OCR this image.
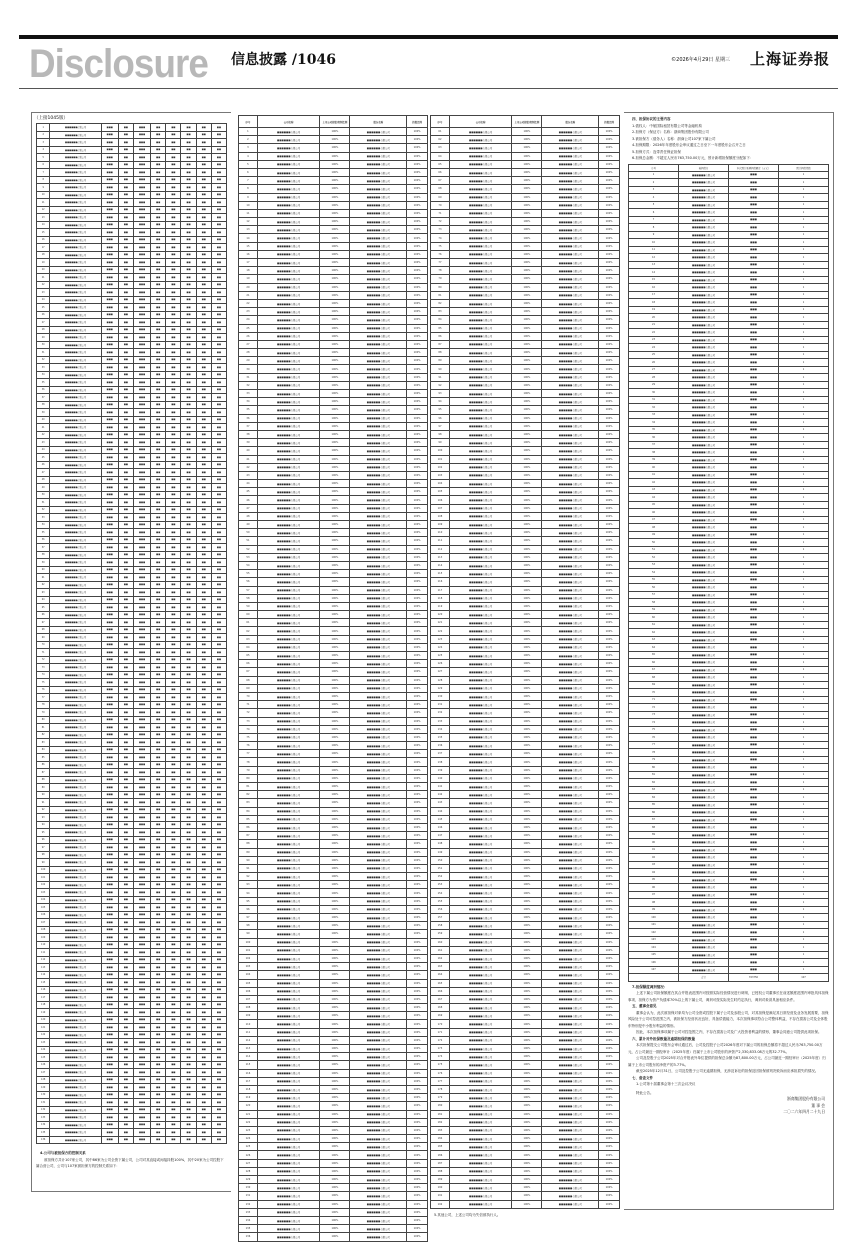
Disclosure 信息披露 /1046	©2026年4月29日 星期三 上海证券报
（上接1045版）
1	■■■■■■有限公司	■■■	■■	■■■	■■	■■	■■	■■	■■
2	■■■■■■有限公司	■■■	■■	■■■	■■	■■	■■	■■	■■
3	■■■■■■有限公司	■■■	■■	■■■	■■	■■	■■	■■	■■
4	■■■■■■有限公司	■■■	■■	■■■	■■	■■	■■	■■	■■
5	■■■■■■有限公司	■■■	■■	■■■	■■	■■	■■	■■	■■
6	■■■■■■有限公司	■■■	■■	■■■	■■	■■	■■	■■	■■
7	■■■■■■有限公司	■■■	■■	■■■	■■	■■	■■	■■	■■
8	■■■■■■有限公司	■■■	■■	■■■	■■	■■	■■	■■	■■
9	■■■■■■有限公司	■■■	■■	■■■	■■	■■	■■	■■	■■
10	■■■■■■有限公司	■■■	■■	■■■	■■	■■	■■	■■	■■
11	■■■■■■有限公司	■■■	■■	■■■	■■	■■	■■	■■	■■
12	■■■■■■有限公司	■■■	■■	■■■	■■	■■	■■	■■	■■
13	■■■■■■有限公司	■■■	■■	■■■	■■	■■	■■	■■	■■
14	■■■■■■有限公司	■■■	■■	■■■	■■	■■	■■	■■	■■
15	■■■■■■有限公司	■■■	■■	■■■	■■	■■	■■	■■	■■
16	■■■■■■有限公司	■■■	■■	■■■	■■	■■	■■	■■	■■
17	■■■■■■有限公司	■■■	■■	■■■	■■	■■	■■	■■	■■
18	■■■■■■有限公司	■■■	■■	■■■	■■	■■	■■	■■	■■
19	■■■■■■有限公司	■■■	■■	■■■	■■	■■	■■	■■	■■
20	■■■■■■有限公司	■■■	■■	■■■	■■	■■	■■	■■	■■
21	■■■■■■有限公司	■■■	■■	■■■	■■	■■	■■	■■	■■
22	■■■■■■有限公司	■■■	■■	■■■	■■	■■	■■	■■	■■
23	■■■■■■有限公司	■■■	■■	■■■	■■	■■	■■	■■	■■
24	■■■■■■有限公司	■■■	■■	■■■	■■	■■	■■	■■	■■
25	■■■■■■有限公司	■■■	■■	■■■	■■	■■	■■	■■	■■
26	■■■■■■有限公司	■■■	■■	■■■	■■	■■	■■	■■	■■
27	■■■■■■有限公司	■■■	■■	■■■	■■	■■	■■	■■	■■
28	■■■■■■有限公司	■■■	■■	■■■	■■	■■	■■	■■	■■
29	■■■■■■有限公司	■■■	■■	■■■	■■	■■	■■	■■	■■
30	■■■■■■有限公司	■■■	■■	■■■	■■	■■	■■	■■	■■
31	■■■■■■有限公司	■■■	■■	■■■	■■	■■	■■	■■	■■
32	■■■■■■有限公司	■■■	■■	■■■	■■	■■	■■	■■	■■
33	■■■■■■有限公司	■■■	■■	■■■	■■	■■	■■	■■	■■
34	■■■■■■有限公司	■■■	■■	■■■	■■	■■	■■	■■	■■
35	■■■■■■有限公司	■■■	■■	■■■	■■	■■	■■	■■	■■
36	■■■■■■有限公司	■■■	■■	■■■	■■	■■	■■	■■	■■
37	■■■■■■有限公司	■■■	■■	■■■	■■	■■	■■	■■	■■
38	■■■■■■有限公司	■■■	■■	■■■	■■	■■	■■	■■	■■
39	■■■■■■有限公司	■■■	■■	■■■	■■	■■	■■	■■	■■
40	■■■■■■有限公司	■■■	■■	■■■	■■	■■	■■	■■	■■
41	■■■■■■有限公司	■■■	■■	■■■	■■	■■	■■	■■	■■
42	■■■■■■有限公司	■■■	■■	■■■	■■	■■	■■	■■	■■
43	■■■■■■有限公司	■■■	■■	■■■	■■	■■	■■	■■	■■
44	■■■■■■有限公司	■■■	■■	■■■	■■	■■	■■	■■	■■
45	■■■■■■有限公司	■■■	■■	■■■	■■	■■	■■	■■	■■
46	■■■■■■有限公司	■■■	■■	■■■	■■	■■	■■	■■	■■
47	■■■■■■有限公司	■■■	■■	■■■	■■	■■	■■	■■	■■
48	■■■■■■有限公司	■■■	■■	■■■	■■	■■	■■	■■	■■
49	■■■■■■有限公司	■■■	■■	■■■	■■	■■	■■	■■	■■
50	■■■■■■有限公司	■■■	■■	■■■	■■	■■	■■	■■	■■
51	■■■■■■有限公司	■■■	■■	■■■	■■	■■	■■	■■	■■
52	■■■■■■有限公司	■■■	■■	■■■	■■	■■	■■	■■	■■
53	■■■■■■有限公司	■■■	■■	■■■	■■	■■	■■	■■	■■
54	■■■■■■有限公司	■■■	■■	■■■	■■	■■	■■	■■	■■
55	■■■■■■有限公司	■■■	■■	■■■	■■	■■	■■	■■	■■
56	■■■■■■有限公司	■■■	■■	■■■	■■	■■	■■	■■	■■
57	■■■■■■有限公司	■■■	■■	■■■	■■	■■	■■	■■	■■
58	■■■■■■有限公司	■■■	■■	■■■	■■	■■	■■	■■	■■
59	■■■■■■有限公司	■■■	■■	■■■	■■	■■	■■	■■	■■
60	■■■■■■有限公司	■■■	■■	■■■	■■	■■	■■	■■	■■
61	■■■■■■有限公司	■■■	■■	■■■	■■	■■	■■	■■	■■
62	■■■■■■有限公司	■■■	■■	■■■	■■	■■	■■	■■	■■
63	■■■■■■有限公司	■■■	■■	■■■	■■	■■	■■	■■	■■
64	■■■■■■有限公司	■■■	■■	■■■	■■	■■	■■	■■	■■
65	■■■■■■有限公司	■■■	■■	■■■	■■	■■	■■	■■	■■
66	■■■■■■有限公司	■■■	■■	■■■	■■	■■	■■	■■	■■
67	■■■■■■有限公司	■■■	■■	■■■	■■	■■	■■	■■	■■
68	■■■■■■有限公司	■■■	■■	■■■	■■	■■	■■	■■	■■
69	■■■■■■有限公司	■■■	■■	■■■	■■	■■	■■	■■	■■
70	■■■■■■有限公司	■■■	■■	■■■	■■	■■	■■	■■	■■
71	■■■■■■有限公司	■■■	■■	■■■	■■	■■	■■	■■	■■
72	■■■■■■有限公司	■■■	■■	■■■	■■	■■	■■	■■	■■
73	■■■■■■有限公司	■■■	■■	■■■	■■	■■	■■	■■	■■
74	■■■■■■有限公司	■■■	■■	■■■	■■	■■	■■	■■	■■
75	■■■■■■有限公司	■■■	■■	■■■	■■	■■	■■	■■	■■
76	■■■■■■有限公司	■■■	■■	■■■	■■	■■	■■	■■	■■
77	■■■■■■有限公司	■■■	■■	■■■	■■	■■	■■	■■	■■
78	■■■■■■有限公司	■■■	■■	■■■	■■	■■	■■	■■	■■
79	■■■■■■有限公司	■■■	■■	■■■	■■	■■	■■	■■	■■
80	■■■■■■有限公司	■■■	■■	■■■	■■	■■	■■	■■	■■
81	■■■■■■有限公司	■■■	■■	■■■	■■	■■	■■	■■	■■
82	■■■■■■有限公司	■■■	■■	■■■	■■	■■	■■	■■	■■
83	■■■■■■有限公司	■■■	■■	■■■	■■	■■	■■	■■	■■
84	■■■■■■有限公司	■■■	■■	■■■	■■	■■	■■	■■	■■
85	■■■■■■有限公司	■■■	■■	■■■	■■	■■	■■	■■	■■
86	■■■■■■有限公司	■■■	■■	■■■	■■	■■	■■	■■	■■
87	■■■■■■有限公司	■■■	■■	■■■	■■	■■	■■	■■	■■
88	■■■■■■有限公司	■■■	■■	■■■	■■	■■	■■	■■	■■
89	■■■■■■有限公司	■■■	■■	■■■	■■	■■	■■	■■	■■
90	■■■■■■有限公司	■■■	■■	■■■	■■	■■	■■	■■	■■
91	■■■■■■有限公司	■■■	■■	■■■	■■	■■	■■	■■	■■
92	■■■■■■有限公司	■■■	■■	■■■	■■	■■	■■	■■	■■
93	■■■■■■有限公司	■■■	■■	■■■	■■	■■	■■	■■	■■
94	■■■■■■有限公司	■■■	■■	■■■	■■	■■	■■	■■	■■
95	■■■■■■有限公司	■■■	■■	■■■	■■	■■	■■	■■	■■
96	■■■■■■有限公司	■■■	■■	■■■	■■	■■	■■	■■	■■
97	■■■■■■有限公司	■■■	■■	■■■	■■	■■	■■	■■	■■
98	■■■■■■有限公司	■■■	■■	■■■	■■	■■	■■	■■	■■
99	■■■■■■有限公司	■■■	■■	■■■	■■	■■	■■	■■	■■
100	■■■■■■有限公司	■■■	■■	■■■	■■	■■	■■	■■	■■
101	■■■■■■有限公司	■■■	■■	■■■	■■	■■	■■	■■	■■
102	■■■■■■有限公司	■■■	■■	■■■	■■	■■	■■	■■	■■
103	■■■■■■有限公司	■■■	■■	■■■	■■	■■	■■	■■	■■
104	■■■■■■有限公司	■■■	■■	■■■	■■	■■	■■	■■	■■
105	■■■■■■有限公司	■■■	■■	■■■	■■	■■	■■	■■	■■
106	■■■■■■有限公司	■■■	■■	■■■	■■	■■	■■	■■	■■
107	■■■■■■有限公司	■■■	■■	■■■	■■	■■	■■	■■	■■
108	■■■■■■有限公司	■■■	■■	■■■	■■	■■	■■	■■	■■
109	■■■■■■有限公司	■■■	■■	■■■	■■	■■	■■	■■	■■
110	■■■■■■有限公司	■■■	■■	■■■	■■	■■	■■	■■	■■
111	■■■■■■有限公司	■■■	■■	■■■	■■	■■	■■	■■	■■
112	■■■■■■有限公司	■■■	■■	■■■	■■	■■	■■	■■	■■
113	■■■■■■有限公司	■■■	■■	■■■	■■	■■	■■	■■	■■
114	■■■■■■有限公司	■■■	■■	■■■	■■	■■	■■	■■	■■
115	■■■■■■有限公司	■■■	■■	■■■	■■	■■	■■	■■	■■
116	■■■■■■有限公司	■■■	■■	■■■	■■	■■	■■	■■	■■
117	■■■■■■有限公司	■■■	■■	■■■	■■	■■	■■	■■	■■
118	■■■■■■有限公司	■■■	■■	■■■	■■	■■	■■	■■	■■
119	■■■■■■有限公司	■■■	■■	■■■	■■	■■	■■	■■	■■
120	■■■■■■有限公司	■■■	■■	■■■	■■	■■	■■	■■	■■
121	■■■■■■有限公司	■■■	■■	■■■	■■	■■	■■	■■	■■
122	■■■■■■有限公司	■■■	■■	■■■	■■	■■	■■	■■	■■
123	■■■■■■有限公司	■■■	■■	■■■	■■	■■	■■	■■	■■
124	■■■■■■有限公司	■■■	■■	■■■	■■	■■	■■	■■	■■
125	■■■■■■有限公司	■■■	■■	■■■	■■	■■	■■	■■	■■
126	■■■■■■有限公司	■■■	■■	■■■	■■	■■	■■	■■	■■
127	■■■■■■有限公司	■■■	■■	■■■	■■	■■	■■	■■	■■
128	■■■■■■有限公司	■■■	■■	■■■	■■	■■	■■	■■	■■
129	■■■■■■有限公司	■■■	■■	■■■	■■	■■	■■	■■	■■
130	■■■■■■有限公司	■■■	■■	■■■	■■	■■	■■	■■	■■
131	■■■■■■有限公司	■■■	■■	■■■	■■	■■	■■	■■	■■
132	■■■■■■有限公司	■■■	■■	■■■	■■	■■	■■	■■	■■
133	■■■■■■有限公司	■■■	■■	■■■	■■	■■	■■	■■	■■
134	■■■■■■有限公司	■■■	■■	■■■	■■	■■	■■	■■	■■
135	■■■■■■有限公司	■■■	■■	■■■	■■	■■	■■	■■	■■
136	■■■■■■有限公司	■■■	■■	■■■	■■	■■	■■	■■	■■
4.公司与被担保方的控制关系
被担保方共计107家公司，其中86家为公司全资下属公司，公司对其直接或间接持股100%，其中20家为公司控股下属合营公司，公司与107家被担保方的控制关系如下：
序号	公司名称	上市公司持股/控制比例	股东名称	持股比例
1	■■■■■■有限公司	100%	■■■■■■有限公司	100%
2	■■■■■■有限公司	100%	■■■■■■有限公司	100%
3	■■■■■■有限公司	100%	■■■■■■有限公司	100%
4	■■■■■■有限公司	100%	■■■■■■有限公司	100%
5	■■■■■■有限公司	100%	■■■■■■有限公司	100%
6	■■■■■■有限公司	100%	■■■■■■有限公司	100%
7	■■■■■■有限公司	100%	■■■■■■有限公司	100%
8	■■■■■■有限公司	100%	■■■■■■有限公司	100%
9	■■■■■■有限公司	100%	■■■■■■有限公司	100%
10	■■■■■■有限公司	100%	■■■■■■有限公司	100%
11	■■■■■■有限公司	100%	■■■■■■有限公司	100%
12	■■■■■■有限公司	100%	■■■■■■有限公司	100%
13	■■■■■■有限公司	100%	■■■■■■有限公司	100%
14	■■■■■■有限公司	100%	■■■■■■有限公司	100%
15	■■■■■■有限公司	100%	■■■■■■有限公司	100%
16	■■■■■■有限公司	100%	■■■■■■有限公司	100%
17	■■■■■■有限公司	100%	■■■■■■有限公司	100%
18	■■■■■■有限公司	100%	■■■■■■有限公司	100%
19	■■■■■■有限公司	100%	■■■■■■有限公司	100%
20	■■■■■■有限公司	100%	■■■■■■有限公司	100%
21	■■■■■■有限公司	100%	■■■■■■有限公司	100%
22	■■■■■■有限公司	100%	■■■■■■有限公司	100%
23	■■■■■■有限公司	100%	■■■■■■有限公司	100%
24	■■■■■■有限公司	100%	■■■■■■有限公司	100%
25	■■■■■■有限公司	100%	■■■■■■有限公司	100%
26	■■■■■■有限公司	100%	■■■■■■有限公司	100%
27	■■■■■■有限公司	100%	■■■■■■有限公司	100%
28	■■■■■■有限公司	100%	■■■■■■有限公司	100%
29	■■■■■■有限公司	100%	■■■■■■有限公司	100%
30	■■■■■■有限公司	100%	■■■■■■有限公司	100%
31	■■■■■■有限公司	100%	■■■■■■有限公司	100%
32	■■■■■■有限公司	100%	■■■■■■有限公司	100%
33	■■■■■■有限公司	100%	■■■■■■有限公司	100%
34	■■■■■■有限公司	100%	■■■■■■有限公司	100%
35	■■■■■■有限公司	100%	■■■■■■有限公司	100%
36	■■■■■■有限公司	100%	■■■■■■有限公司	100%
37	■■■■■■有限公司	100%	■■■■■■有限公司	100%
38	■■■■■■有限公司	100%	■■■■■■有限公司	100%
39	■■■■■■有限公司	100%	■■■■■■有限公司	100%
40	■■■■■■有限公司	100%	■■■■■■有限公司	100%
41	■■■■■■有限公司	100%	■■■■■■有限公司	100%
42	■■■■■■有限公司	100%	■■■■■■有限公司	100%
43	■■■■■■有限公司	100%	■■■■■■有限公司	100%
44	■■■■■■有限公司	100%	■■■■■■有限公司	100%
45	■■■■■■有限公司	100%	■■■■■■有限公司	100%
46	■■■■■■有限公司	100%	■■■■■■有限公司	100%
47	■■■■■■有限公司	100%	■■■■■■有限公司	100%
48	■■■■■■有限公司	100%	■■■■■■有限公司	100%
49	■■■■■■有限公司	100%	■■■■■■有限公司	100%
50	■■■■■■有限公司	100%	■■■■■■有限公司	100%
51	■■■■■■有限公司	100%	■■■■■■有限公司	100%
52	■■■■■■有限公司	100%	■■■■■■有限公司	100%
53	■■■■■■有限公司	100%	■■■■■■有限公司	100%
54	■■■■■■有限公司	100%	■■■■■■有限公司	100%
55	■■■■■■有限公司	100%	■■■■■■有限公司	100%
56	■■■■■■有限公司	100%	■■■■■■有限公司	100%
57	■■■■■■有限公司	100%	■■■■■■有限公司	100%
58	■■■■■■有限公司	100%	■■■■■■有限公司	100%
59	■■■■■■有限公司	100%	■■■■■■有限公司	100%
60	■■■■■■有限公司	100%	■■■■■■有限公司	100%
61	■■■■■■有限公司	100%	■■■■■■有限公司	100%
62	■■■■■■有限公司	100%	■■■■■■有限公司	100%
63	■■■■■■有限公司	100%	■■■■■■有限公司	100%
64	■■■■■■有限公司	100%	■■■■■■有限公司	100%
65	■■■■■■有限公司	100%	■■■■■■有限公司	100%
66	■■■■■■有限公司	100%	■■■■■■有限公司	100%
67	■■■■■■有限公司	100%	■■■■■■有限公司	100%
68	■■■■■■有限公司	100%	■■■■■■有限公司	100%
69	■■■■■■有限公司	100%	■■■■■■有限公司	100%
70	■■■■■■有限公司	100%	■■■■■■有限公司	100%
71	■■■■■■有限公司	100%	■■■■■■有限公司	100%
72	■■■■■■有限公司	100%	■■■■■■有限公司	100%
73	■■■■■■有限公司	100%	■■■■■■有限公司	100%
74	■■■■■■有限公司	100%	■■■■■■有限公司	100%
75	■■■■■■有限公司	100%	■■■■■■有限公司	100%
76	■■■■■■有限公司	100%	■■■■■■有限公司	100%
77	■■■■■■有限公司	100%	■■■■■■有限公司	100%
78	■■■■■■有限公司	100%	■■■■■■有限公司	100%
79	■■■■■■有限公司	100%	■■■■■■有限公司	100%
80	■■■■■■有限公司	100%	■■■■■■有限公司	100%
81	■■■■■■有限公司	100%	■■■■■■有限公司	100%
82	■■■■■■有限公司	100%	■■■■■■有限公司	100%
83	■■■■■■有限公司	100%	■■■■■■有限公司	100%
84	■■■■■■有限公司	100%	■■■■■■有限公司	100%
85	■■■■■■有限公司	100%	■■■■■■有限公司	100%
86	■■■■■■有限公司	100%	■■■■■■有限公司	100%
87	■■■■■■有限公司	100%	■■■■■■有限公司	100%
88	■■■■■■有限公司	100%	■■■■■■有限公司	100%
89	■■■■■■有限公司	100%	■■■■■■有限公司	100%
90	■■■■■■有限公司	100%	■■■■■■有限公司	100%
91	■■■■■■有限公司	100%	■■■■■■有限公司	100%
92	■■■■■■有限公司	100%	■■■■■■有限公司	100%
93	■■■■■■有限公司	100%	■■■■■■有限公司	100%
94	■■■■■■有限公司	100%	■■■■■■有限公司	100%
95	■■■■■■有限公司	100%	■■■■■■有限公司	100%
96	■■■■■■有限公司	100%	■■■■■■有限公司	100%
97	■■■■■■有限公司	100%	■■■■■■有限公司	100%
98	■■■■■■有限公司	100%	■■■■■■有限公司	100%
99	■■■■■■有限公司	100%	■■■■■■有限公司	100%
100	■■■■■■有限公司	100%	■■■■■■有限公司	100%
101	■■■■■■有限公司	100%	■■■■■■有限公司	100%
102	■■■■■■有限公司	100%	■■■■■■有限公司	100%
103	■■■■■■有限公司	100%	■■■■■■有限公司	100%
104	■■■■■■有限公司	100%	■■■■■■有限公司	100%
105	■■■■■■有限公司	100%	■■■■■■有限公司	100%
106	■■■■■■有限公司	100%	■■■■■■有限公司	100%
107	■■■■■■有限公司	100%	■■■■■■有限公司	100%
108	■■■■■■有限公司	100%	■■■■■■有限公司	100%
109	■■■■■■有限公司	100%	■■■■■■有限公司	100%
110	■■■■■■有限公司	100%	■■■■■■有限公司	100%
111	■■■■■■有限公司	100%	■■■■■■有限公司	100%
112	■■■■■■有限公司	100%	■■■■■■有限公司	100%
113	■■■■■■有限公司	100%	■■■■■■有限公司	100%
114	■■■■■■有限公司	100%	■■■■■■有限公司	100%
115	■■■■■■有限公司	100%	■■■■■■有限公司	100%
116	■■■■■■有限公司	100%	■■■■■■有限公司	100%
117	■■■■■■有限公司	100%	■■■■■■有限公司	100%
118	■■■■■■有限公司	100%	■■■■■■有限公司	100%
119	■■■■■■有限公司	100%	■■■■■■有限公司	100%
120	■■■■■■有限公司	100%	■■■■■■有限公司	100%
121	■■■■■■有限公司	100%	■■■■■■有限公司	100%
122	■■■■■■有限公司	100%	■■■■■■有限公司	100%
123	■■■■■■有限公司	100%	■■■■■■有限公司	100%
124	■■■■■■有限公司	100%	■■■■■■有限公司	100%
125	■■■■■■有限公司	100%	■■■■■■有限公司	100%
126	■■■■■■有限公司	100%	■■■■■■有限公司	100%
127	■■■■■■有限公司	100%	■■■■■■有限公司	100%
128	■■■■■■有限公司	100%	■■■■■■有限公司	100%
129	■■■■■■有限公司	100%	■■■■■■有限公司	100%
130	■■■■■■有限公司	100%	■■■■■■有限公司	100%
131	■■■■■■有限公司	100%	■■■■■■有限公司	100%
132	■■■■■■有限公司	100%	■■■■■■有限公司	100%
133	■■■■■■有限公司	100%	■■■■■■有限公司	100%
134	■■■■■■有限公司	100%	■■■■■■有限公司	100%
135	■■■■■■有限公司	100%	■■■■■■有限公司	100%
136	■■■■■■有限公司	100%	■■■■■■有限公司	100%
序号	公司名称	上市公司持股/控制比例	股东名称	持股比例
61	■■■■■■有限公司	100%	■■■■■■有限公司	100%
62	■■■■■■有限公司	100%	■■■■■■有限公司	100%
63	■■■■■■有限公司	100%	■■■■■■有限公司	100%
64	■■■■■■有限公司	100%	■■■■■■有限公司	100%
65	■■■■■■有限公司	100%	■■■■■■有限公司	100%
66	■■■■■■有限公司	100%	■■■■■■有限公司	100%
67	■■■■■■有限公司	100%	■■■■■■有限公司	100%
68	■■■■■■有限公司	100%	■■■■■■有限公司	100%
69	■■■■■■有限公司	100%	■■■■■■有限公司	100%
70	■■■■■■有限公司	100%	■■■■■■有限公司	100%
71	■■■■■■有限公司	100%	■■■■■■有限公司	100%
72	■■■■■■有限公司	100%	■■■■■■有限公司	100%
73	■■■■■■有限公司	100%	■■■■■■有限公司	100%
74	■■■■■■有限公司	100%	■■■■■■有限公司	100%
75	■■■■■■有限公司	100%	■■■■■■有限公司	100%
76	■■■■■■有限公司	100%	■■■■■■有限公司	100%
77	■■■■■■有限公司	100%	■■■■■■有限公司	100%
78	■■■■■■有限公司	100%	■■■■■■有限公司	100%
79	■■■■■■有限公司	100%	■■■■■■有限公司	100%
80	■■■■■■有限公司	100%	■■■■■■有限公司	100%
81	■■■■■■有限公司	100%	■■■■■■有限公司	100%
82	■■■■■■有限公司	100%	■■■■■■有限公司	100%
83	■■■■■■有限公司	100%	■■■■■■有限公司	100%
84	■■■■■■有限公司	100%	■■■■■■有限公司	100%
85	■■■■■■有限公司	100%	■■■■■■有限公司	100%
86	■■■■■■有限公司	100%	■■■■■■有限公司	100%
87	■■■■■■有限公司	100%	■■■■■■有限公司	100%
88	■■■■■■有限公司	100%	■■■■■■有限公司	100%
89	■■■■■■有限公司	100%	■■■■■■有限公司	100%
90	■■■■■■有限公司	100%	■■■■■■有限公司	100%
91	■■■■■■有限公司	100%	■■■■■■有限公司	100%
92	■■■■■■有限公司	100%	■■■■■■有限公司	100%
93	■■■■■■有限公司	100%	■■■■■■有限公司	100%
94	■■■■■■有限公司	100%	■■■■■■有限公司	100%
95	■■■■■■有限公司	100%	■■■■■■有限公司	100%
96	■■■■■■有限公司	100%	■■■■■■有限公司	100%
97	■■■■■■有限公司	100%	■■■■■■有限公司	100%
98	■■■■■■有限公司	100%	■■■■■■有限公司	100%
99	■■■■■■有限公司	100%	■■■■■■有限公司	100%
100	■■■■■■有限公司	100%	■■■■■■有限公司	100%
101	■■■■■■有限公司	100%	■■■■■■有限公司	100%
102	■■■■■■有限公司	100%	■■■■■■有限公司	100%
103	■■■■■■有限公司	100%	■■■■■■有限公司	100%
104	■■■■■■有限公司	100%	■■■■■■有限公司	100%
105	■■■■■■有限公司	100%	■■■■■■有限公司	100%
106	■■■■■■有限公司	100%	■■■■■■有限公司	100%
107	■■■■■■有限公司	100%	■■■■■■有限公司	100%
108	■■■■■■有限公司	100%	■■■■■■有限公司	100%
109	■■■■■■有限公司	100%	■■■■■■有限公司	100%
110	■■■■■■有限公司	100%	■■■■■■有限公司	100%
111	■■■■■■有限公司	100%	■■■■■■有限公司	100%
112	■■■■■■有限公司	100%	■■■■■■有限公司	100%
113	■■■■■■有限公司	100%	■■■■■■有限公司	100%
114	■■■■■■有限公司	100%	■■■■■■有限公司	100%
115	■■■■■■有限公司	100%	■■■■■■有限公司	100%
116	■■■■■■有限公司	100%	■■■■■■有限公司	100%
117	■■■■■■有限公司	100%	■■■■■■有限公司	100%
118	■■■■■■有限公司	100%	■■■■■■有限公司	100%
119	■■■■■■有限公司	100%	■■■■■■有限公司	100%
120	■■■■■■有限公司	100%	■■■■■■有限公司	100%
121	■■■■■■有限公司	100%	■■■■■■有限公司	100%
122	■■■■■■有限公司	100%	■■■■■■有限公司	100%
123	■■■■■■有限公司	100%	■■■■■■有限公司	100%
124	■■■■■■有限公司	100%	■■■■■■有限公司	100%
125	■■■■■■有限公司	100%	■■■■■■有限公司	100%
126	■■■■■■有限公司	100%	■■■■■■有限公司	100%
127	■■■■■■有限公司	100%	■■■■■■有限公司	100%
128	■■■■■■有限公司	100%	■■■■■■有限公司	100%
129	■■■■■■有限公司	100%	■■■■■■有限公司	100%
130	■■■■■■有限公司	100%	■■■■■■有限公司	100%
131	■■■■■■有限公司	100%	■■■■■■有限公司	100%
132	■■■■■■有限公司	100%	■■■■■■有限公司	100%
133	■■■■■■有限公司	100%	■■■■■■有限公司	100%
134	■■■■■■有限公司	100%	■■■■■■有限公司	100%
135	■■■■■■有限公司	100%	■■■■■■有限公司	100%
136	■■■■■■有限公司	100%	■■■■■■有限公司	100%
137	■■■■■■有限公司	100%	■■■■■■有限公司	100%
138	■■■■■■有限公司	100%	■■■■■■有限公司	100%
139	■■■■■■有限公司	100%	■■■■■■有限公司	100%
140	■■■■■■有限公司	100%	■■■■■■有限公司	100%
141	■■■■■■有限公司	100%	■■■■■■有限公司	100%
142	■■■■■■有限公司	100%	■■■■■■有限公司	100%
143	■■■■■■有限公司	100%	■■■■■■有限公司	100%
144	■■■■■■有限公司	100%	■■■■■■有限公司	100%
145	■■■■■■有限公司	100%	■■■■■■有限公司	100%
146	■■■■■■有限公司	100%	■■■■■■有限公司	100%
147	■■■■■■有限公司	100%	■■■■■■有限公司	100%
148	■■■■■■有限公司	100%	■■■■■■有限公司	100%
149	■■■■■■有限公司	100%	■■■■■■有限公司	100%
150	■■■■■■有限公司	100%	■■■■■■有限公司	100%
151	■■■■■■有限公司	100%	■■■■■■有限公司	100%
152	■■■■■■有限公司	100%	■■■■■■有限公司	100%
153	■■■■■■有限公司	100%	■■■■■■有限公司	100%
154	■■■■■■有限公司	100%	■■■■■■有限公司	100%
155	■■■■■■有限公司	100%	■■■■■■有限公司	100%
156	■■■■■■有限公司	100%	■■■■■■有限公司	100%
157	■■■■■■有限公司	100%	■■■■■■有限公司	100%
158	■■■■■■有限公司	100%	■■■■■■有限公司	100%
159	■■■■■■有限公司	100%	■■■■■■有限公司	100%
160	■■■■■■有限公司	100%	■■■■■■有限公司	100%
161	■■■■■■有限公司	100%	■■■■■■有限公司	100%
162	■■■■■■有限公司	100%	■■■■■■有限公司	100%
163	■■■■■■有限公司	100%	■■■■■■有限公司	100%
164	■■■■■■有限公司	100%	■■■■■■有限公司	100%
165	■■■■■■有限公司	100%	■■■■■■有限公司	100%
166	■■■■■■有限公司	100%	■■■■■■有限公司	100%
167	■■■■■■有限公司	100%	■■■■■■有限公司	100%
168	■■■■■■有限公司	100%	■■■■■■有限公司	100%
169	■■■■■■有限公司	100%	■■■■■■有限公司	100%
170	■■■■■■有限公司	100%	■■■■■■有限公司	100%
171	■■■■■■有限公司	100%	■■■■■■有限公司	100%
172	■■■■■■有限公司	100%	■■■■■■有限公司	100%
173	■■■■■■有限公司	100%	■■■■■■有限公司	100%
174	■■■■■■有限公司	100%	■■■■■■有限公司	100%
175	■■■■■■有限公司	100%	■■■■■■有限公司	100%
176	■■■■■■有限公司	100%	■■■■■■有限公司	100%
177	■■■■■■有限公司	100%	■■■■■■有限公司	100%
178	■■■■■■有限公司	100%	■■■■■■有限公司	100%
179	■■■■■■有限公司	100%	■■■■■■有限公司	100%
180	■■■■■■有限公司	100%	■■■■■■有限公司	100%
181	■■■■■■有限公司	100%	■■■■■■有限公司	100%
182	■■■■■■有限公司	100%	■■■■■■有限公司	100%
183	■■■■■■有限公司	100%	■■■■■■有限公司	100%
184	■■■■■■有限公司	100%	■■■■■■有限公司	100%
185	■■■■■■有限公司	100%	■■■■■■有限公司	100%
186	■■■■■■有限公司	100%	■■■■■■有限公司	100%
187	■■■■■■有限公司	100%	■■■■■■有限公司	100%
188	■■■■■■有限公司	100%	■■■■■■有限公司	100%
189	■■■■■■有限公司	100%	■■■■■■有限公司	100%
190	■■■■■■有限公司	100%	■■■■■■有限公司	100%
191	■■■■■■有限公司	100%	■■■■■■有限公司	100%
192	■■■■■■有限公司	100%	■■■■■■有限公司	100%
5.其他公司，上述公司均为失信被执行人。
四、担保协议的主要内容
1.债权人：中航国际租赁有限公司等金融机构
2.担保方（保证方）名称：浙商集团股份有限公司
3.被担保方（债务人）名称：浙商公司107家下属公司
4.担保期限：2026年年度股东会审议通过之日至下一年度股东会召开之日
5.担保方式：连带责任保证担保
6.担保总金额：不超过人民币763,750.00万元，预计新增担保额度分配如下：
序号	被担保方	本次预计新增担保额度（万元）	预计担保笔数
1	■■■■■■有限公司	■■■	1
2	■■■■■■有限公司	■■■	1
3	■■■■■■有限公司	■■■	1
4	■■■■■■有限公司	■■■	1
5	■■■■■■有限公司	■■■	1
6	■■■■■■有限公司	■■■	1
7	■■■■■■有限公司	■■■	1
8	■■■■■■有限公司	■■■	1
9	■■■■■■有限公司	■■■	1
10	■■■■■■有限公司	■■■	1
11	■■■■■■有限公司	■■■	1
12	■■■■■■有限公司	■■■	1
13	■■■■■■有限公司	■■■	1
14	■■■■■■有限公司	■■■	1
15	■■■■■■有限公司	■■■	1
16	■■■■■■有限公司	■■■	1
17	■■■■■■有限公司	■■■	1
18	■■■■■■有限公司	■■■	1
19	■■■■■■有限公司	■■■	1
20	■■■■■■有限公司	■■■	1
21	■■■■■■有限公司	■■■	1
22	■■■■■■有限公司	■■■	1
23	■■■■■■有限公司	■■■	1
24	■■■■■■有限公司	■■■	1
25	■■■■■■有限公司	■■■	1
26	■■■■■■有限公司	■■■	1
27	■■■■■■有限公司	■■■	1
28	■■■■■■有限公司	■■■	1
29	■■■■■■有限公司	■■■	1
30	■■■■■■有限公司	■■■	1
31	■■■■■■有限公司	■■■	1
32	■■■■■■有限公司	■■■	1
33	■■■■■■有限公司	■■■	1
34	■■■■■■有限公司	■■■	1
35	■■■■■■有限公司	■■■	1
36	■■■■■■有限公司	■■■	1
37	■■■■■■有限公司	■■■	1
38	■■■■■■有限公司	■■■	1
39	■■■■■■有限公司	■■■	1
40	■■■■■■有限公司	■■■	1
41	■■■■■■有限公司	■■■	1
42	■■■■■■有限公司	■■■	1
43	■■■■■■有限公司	■■■	1
44	■■■■■■有限公司	■■■	1
45	■■■■■■有限公司	■■■	1
46	■■■■■■有限公司	■■■	1
47	■■■■■■有限公司	■■■	1
48	■■■■■■有限公司	■■■	1
49	■■■■■■有限公司	■■■	1
50	■■■■■■有限公司	■■■	1
51	■■■■■■有限公司	■■■	1
52	■■■■■■有限公司	■■■	1
53	■■■■■■有限公司	■■■	1
54	■■■■■■有限公司	■■■	1
55	■■■■■■有限公司	■■■	1
56	■■■■■■有限公司	■■■	1
57	■■■■■■有限公司	■■■	1
58	■■■■■■有限公司	■■■	1
59	■■■■■■有限公司	■■■	1
60	■■■■■■有限公司	■■■	1
61	■■■■■■有限公司	■■■	1
62	■■■■■■有限公司	■■■	1
63	■■■■■■有限公司	■■■	1
64	■■■■■■有限公司	■■■	1
65	■■■■■■有限公司	■■■	1
66	■■■■■■有限公司	■■■	1
67	■■■■■■有限公司	■■■	1
68	■■■■■■有限公司	■■■	1
69	■■■■■■有限公司	■■■	1
70	■■■■■■有限公司	■■■	1
71	■■■■■■有限公司	■■■	1
72	■■■■■■有限公司	■■■	1
73	■■■■■■有限公司	■■■	1
74	■■■■■■有限公司	■■■	1
75	■■■■■■有限公司	■■■	1
76	■■■■■■有限公司	■■■	1
77	■■■■■■有限公司	■■■	1
78	■■■■■■有限公司	■■■	1
79	■■■■■■有限公司	■■■	1
80	■■■■■■有限公司	■■■	1
81	■■■■■■有限公司	■■■	1
82	■■■■■■有限公司	■■■	1
83	■■■■■■有限公司	■■■	1
84	■■■■■■有限公司	■■■	1
85	■■■■■■有限公司	■■■	1
86	■■■■■■有限公司	■■■	1
87	■■■■■■有限公司	■■■	1
88	■■■■■■有限公司	■■■	1
89	■■■■■■有限公司	■■■	1
90	■■■■■■有限公司	■■■	1
91	■■■■■■有限公司	■■■	1
92	■■■■■■有限公司	■■■	1
93	■■■■■■有限公司	■■■	1
94	■■■■■■有限公司	■■■	1
95	■■■■■■有限公司	■■■	1
96	■■■■■■有限公司	■■■	1
97	■■■■■■有限公司	■■■	1
98	■■■■■■有限公司	■■■	1
99	■■■■■■有限公司	■■■	1
100	■■■■■■有限公司	■■■	1
101	■■■■■■有限公司	■■■	1
102	■■■■■■有限公司	■■■	1
103	■■■■■■有限公司	■■■	1
104	■■■■■■有限公司	■■■	1
105	■■■■■■有限公司	■■■	1
106	■■■■■■有限公司	■■■	1
107	■■■■■■有限公司	■■■	1
	合计	763750	107
7.担保额度调剂情况：
上述下属公司担保额度在其合并报表范围内可按照实际经营情况进行调剂，已授权公司董事长在前述额度范围内审批具体担保事项，担保方为资产负债率70%以上的下属公司，调剂可按实际发生时约定执行，调剂对象须具备相应条件。
五、董事会意见
董事会认为，此次被担保对象均为公司全资或控股下属子公司及参股公司，对其担保是满足其日常经营及业务发展需要，担保风险处于公司可控范围之内，被担保方经营状况良好，具备偿债能力，本次担保事项符合公司整体利益，不存在损害公司及全体股东特别是中小股东利益的情形。
因此，本次担保事项属于公司可控范围之内，不存在损害公司及广大投资者利益的情形，董事会同意公司提供此项担保。
六、累计对外担保数量及逾期担保的数量
本次担保提交公司股东会审议通过后，公司及控股子公司2026年度对下属公司的担保总额将不超过人民币763,750.00万元，占公司最近一期经审计（2025年度）归属于上市公司股东的净资产2,330,833.08万元的32.77%。
公司及控股子公司2025年对合并报表外单位提供的担保总余额为87,800.00万元，占公司最近一期经审计（2025年度）归属于上市公司股东的净资产的3.77%。
截至2025年12月31日，公司及控股子公司无逾期担保，无涉及诉讼的担保及因担保被判决败诉而应承担损失的情况。
七、备查文件
1.公司第十届董事会第十三次会议决议
特此公告。
浙商集团股份有限公司
董 事 会
二〇二六年四月二十九日
